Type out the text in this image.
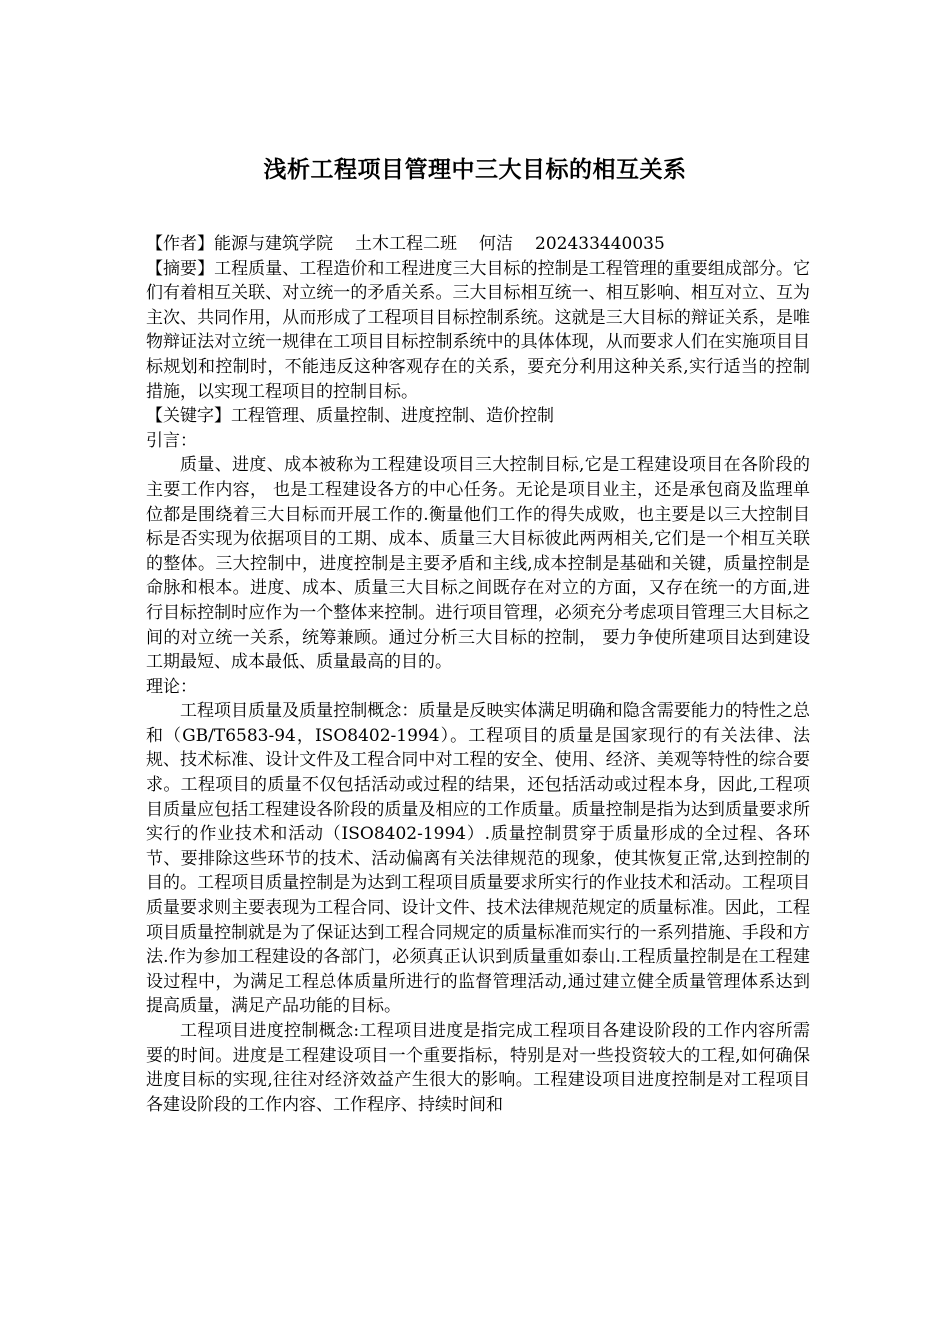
浅析工程项目管理中三大目标的相互关系

【作者】能源与建筑学院 土木工程二班 何洁 202433440035

【摘要】工程质量、工程造价和工程进度三大目标的控制是工程管理的重要组成部分。它们有着相互关联、对立统一的矛盾关系。三大目标相互统一、相互影响、相互对立、互为主次、共同作用，从而形成了工程项目目标控制系统。这就是三大目标的辩证关系，是唯物辩证法对立统一规律在工项目目标控制系统中的具体体现，从而要求人们在实施项目目标规划和控制时，不能违反这种客观存在的关系，要充分利用这种关系,实行适当的控制措施，以实现工程项目的控制目标。

【关键字】工程管理、质量控制、进度控制、造价控制

引言：

质量、进度、成本被称为工程建设项目三大控制目标,它是工程建设项目在各阶段的主要工作内容， 也是工程建设各方的中心任务。无论是项目业主，还是承包商及监理单位都是围绕着三大目标而开展工作的.衡量他们工作的得失成败，也主要是以三大控制目标是否实现为依据项目的工期、成本、质量三大目标彼此两两相关,它们是一个相互关联的整体。三大控制中，进度控制是主要矛盾和主线,成本控制是基础和关键，质量控制是命脉和根本。进度、成本、质量三大目标之间既存在对立的方面，又存在统一的方面,进行目标控制时应作为一个整体来控制。进行项目管理，必须充分考虑项目管理三大目标之间的对立统一关系，统筹兼顾。通过分析三大目标的控制， 要力争使所建项目达到建设工期最短、成本最低、质量最高的目的。

理论：

工程项目质量及质量控制概念：质量是反映实体满足明确和隐含需要能力的特性之总和（GB/T6583-94，ISO8402-1994）。工程项目的质量是国家现行的有关法律、法规、技术标准、设计文件及工程合同中对工程的安全、使用、经济、美观等特性的综合要求。工程项目的质量不仅包括活动或过程的结果，还包括活动或过程本身，因此,工程项目质量应包括工程建设各阶段的质量及相应的工作质量。质量控制是指为达到质量要求所实行的作业技术和活动（ISO8402-1994）.质量控制贯穿于质量形成的全过程、各环节、要排除这些环节的技术、活动偏离有关法律规范的现象，使其恢复正常,达到控制的目的。工程项目质量控制是为达到工程项目质量要求所实行的作业技术和活动。工程项目质量要求则主要表现为工程合同、设计文件、技术法律规范规定的质量标准。因此，工程项目质量控制就是为了保证达到工程合同规定的质量标准而实行的一系列措施、手段和方法.作为参加工程建设的各部门，必须真正认识到质量重如泰山.工程质量控制是在工程建设过程中，为满足工程总体质量所进行的监督管理活动,通过建立健全质量管理体系达到提高质量，满足产品功能的目标。

工程项目进度控制概念:工程项目进度是指完成工程项目各建设阶段的工作内容所需要的时间。进度是工程建设项目一个重要指标，特别是对一些投资较大的工程,如何确保进度目标的实现,往往对经济效益产生很大的影响。工程建设项目进度控制是对工程项目各建设阶段的工作内容、工作程序、持续时间和
